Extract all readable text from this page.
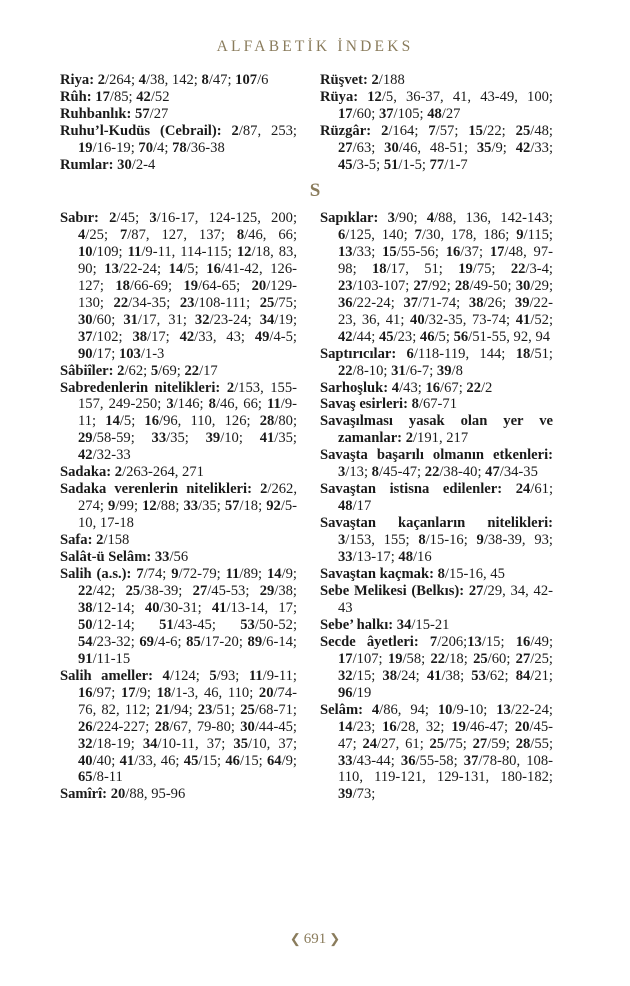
ALFABETİK İNDEKS

Riya: 2/264; 4/38, 142; 8/47; 107/6

Rûh: 17/85; 42/52

Ruhbanlık: 57/27

Ruhu’l-Kudüs (Cebrail): 2/87, 253; 19/16-19; 70/4; 78/36-38

Rumlar: 30/2-4

Rüşvet: 2/188

Rüya: 12/5, 36-37, 41, 43-49, 100; 17/60; 37/105; 48/27

Rüzgâr: 2/164; 7/57; 15/22; 25/48; 27/63; 30/46, 48-51; 35/9; 42/33; 45/3-5; 51/1-5; 77/1-7

S

Sabır: 2/45; 3/16-17, 124-125, 200; 4/25; 7/87, 127, 137; 8/46, 66; 10/109; 11/9-11, 114-115; 12/18, 83, 90; 13/22-24; 14/5; 16/41-42, 126-127; 18/66-69; 19/64-65; 20/129-130; 22/34-35; 23/108-111; 25/75; 30/60; 31/17, 31; 32/23-24; 34/19; 37/102; 38/17; 42/33, 43; 49/4-5; 90/17; 103/1-3

Sâbiîler: 2/62; 5/69; 22/17

Sabredenlerin nitelikleri: 2/153, 155-157, 249-250; 3/146; 8/46, 66; 11/9-11; 14/5; 16/96, 110, 126; 28/80; 29/58-59; 33/35; 39/10; 41/35; 42/32-33

Sadaka: 2/263-264, 271

Sadaka verenlerin nitelikleri: 2/262, 274; 9/99; 12/88; 33/35; 57/18; 92/5-10, 17-18

Safa: 2/158

Salât-ü Selâm: 33/56

Salih (a.s.): 7/74; 9/72-79; 11/89; 14/9; 22/42; 25/38-39; 27/45-53; 29/38; 38/12-14; 40/30-31; 41/13-14, 17; 50/12-14; 51/43-45; 53/50-52; 54/23-32; 69/4-6; 85/17-20; 89/6-14; 91/11-15

Salih ameller: 4/124; 5/93; 11/9-11; 16/97; 17/9; 18/1-3, 46, 110; 20/74-76, 82, 112; 21/94; 23/51; 25/68-71; 26/224-227; 28/67, 79-80; 30/44-45; 32/18-19; 34/10-11, 37; 35/10, 37; 40/40; 41/33, 46; 45/15; 46/15; 64/9; 65/8-11

Samîrî: 20/88, 95-96

Sapıklar: 3/90; 4/88, 136, 142-143; 6/125, 140; 7/30, 178, 186; 9/115; 13/33; 15/55-56; 16/37; 17/48, 97-98; 18/17, 51; 19/75; 22/3-4; 23/103-107; 27/92; 28/49-50; 30/29; 36/22-24; 37/71-74; 38/26; 39/22-23, 36, 41; 40/32-35, 73-74; 41/52; 42/44; 45/23; 46/5; 56/51-55, 92, 94

Saptırıcılar: 6/118-119, 144; 18/51; 22/8-10; 31/6-7; 39/8

Sarhoşluk: 4/43; 16/67; 22/2

Savaş esirleri: 8/67-71

Savaşılması yasak olan yer ve zamanlar: 2/191, 217

Savaşta başarılı olmanın etkenleri: 3/13; 8/45-47; 22/38-40; 47/34-35

Savaştan istisna edilenler: 24/61; 48/17

Savaştan kaçanların nitelikleri: 3/153, 155; 8/15-16; 9/38-39, 93; 33/13-17; 48/16

Savaştan kaçmak: 8/15-16, 45

Sebe Melikesi (Belkıs): 27/29, 34, 42-43

Sebe’ halkı: 34/15-21

Secde âyetleri: 7/206;13/15; 16/49; 17/107; 19/58; 22/18; 25/60; 27/25; 32/15; 38/24; 41/38; 53/62; 84/21; 96/19

Selâm: 4/86, 94; 10/9-10; 13/22-24; 14/23; 16/28, 32; 19/46-47; 20/45-47; 24/27, 61; 25/75; 27/59; 28/55; 33/43-44; 36/55-58; 37/78-80, 108-110, 119-121, 129-131, 180-182; 39/73;

❮ 691 ❯
